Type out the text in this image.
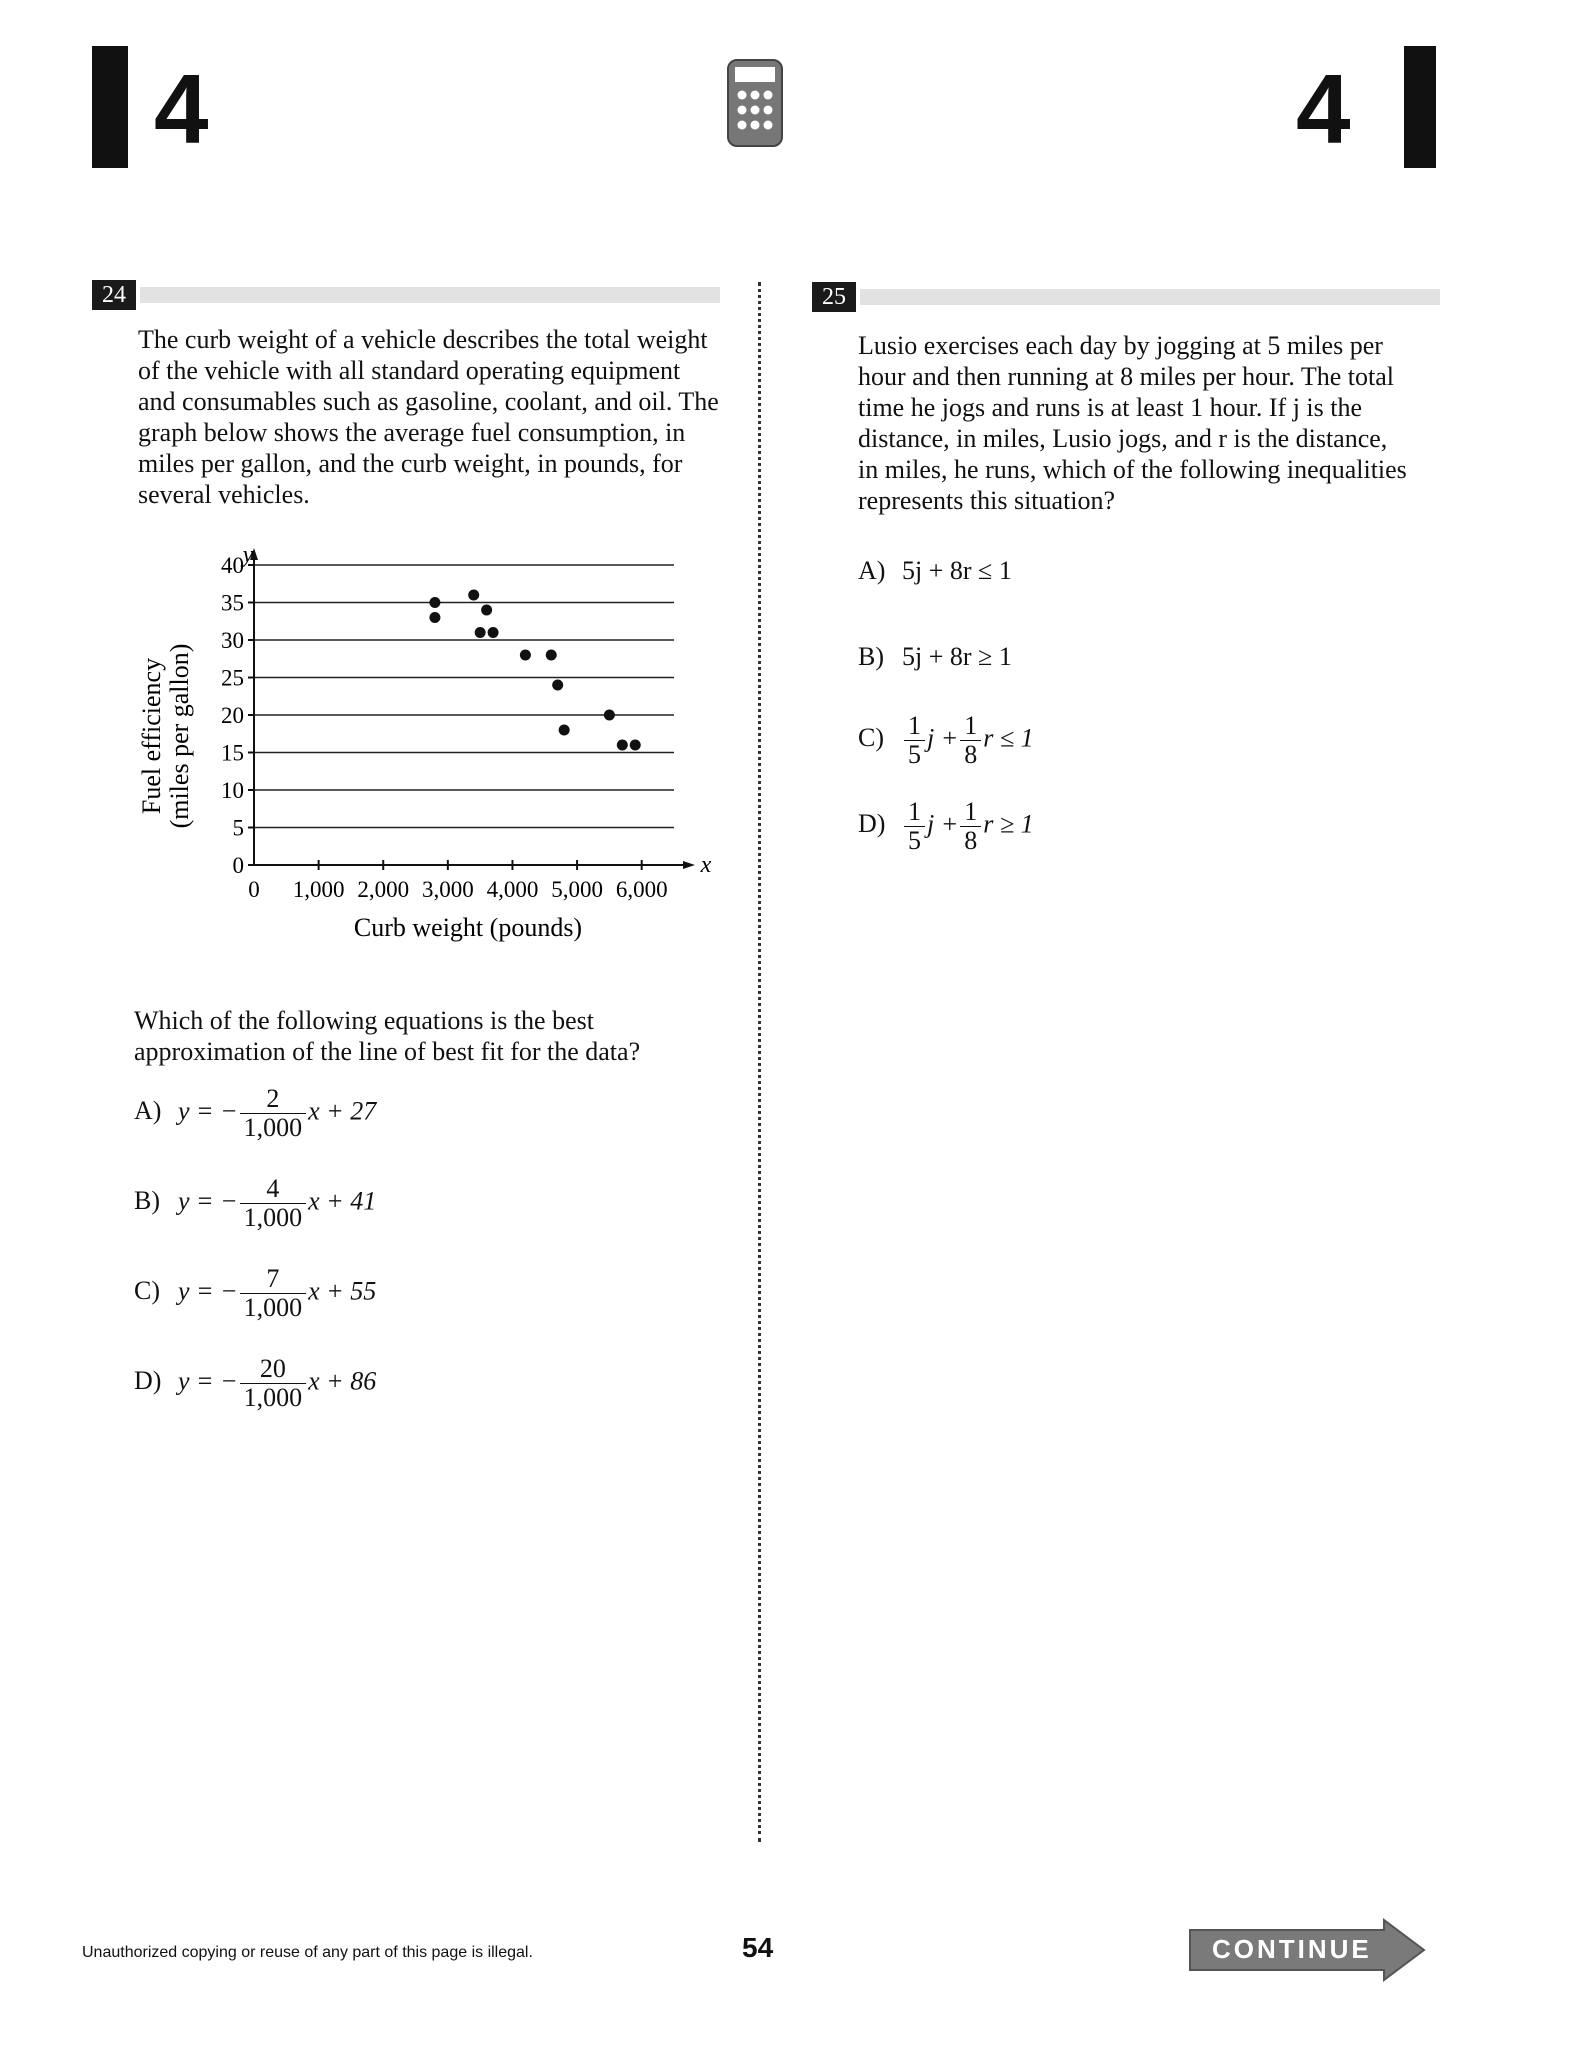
4	4
24

The curb weight of a vehicle describes the total weight of the vehicle with all standard operating equipment and consumables such as gasoline, coolant, and oil. The graph below shows the average fuel consumption, in miles per gallon, and the curb weight, in pounds, for several vehicles.

y
x
0
5
10
15
20
25
30
35
40
0 1,000 2,000 3,000 4,000 5,000 6,000
Curb weight (pounds)
Fuel efficiency (miles per gallon)

Which of the following equations is the best approximation of the line of best fit for the data?

A) y = − $\frac{2}{1,000}$ x + 27
B) y = − $\frac{4}{1,000}$ x + 41
C) y = − $\frac{7}{1,000}$ x + 55
D) y = − $\frac{20}{1,000}$ x + 86
25
Lusio exercises each day by jogging at 5 miles per
hour and then running at 8 miles per hour. The total
time he jogs and runs is at least 1 hour. If j is the
distance, in miles, Lusio jogs, and r is the distance,
in miles, he runs, which of the following inequalities
represents this situation?
A) 5j + 8r ≤ 1
B) 5j + 8r ≥ 1
$C) \frac{1}{5}$ $j + \frac{1}{8}$ r ≤ 1
$D) \frac{1}{5}$ $j + \frac{1}{8}$ r ≥ 1
Unauthorized copying or reuse of any part of this page is illegal.	54	CONTINUE
